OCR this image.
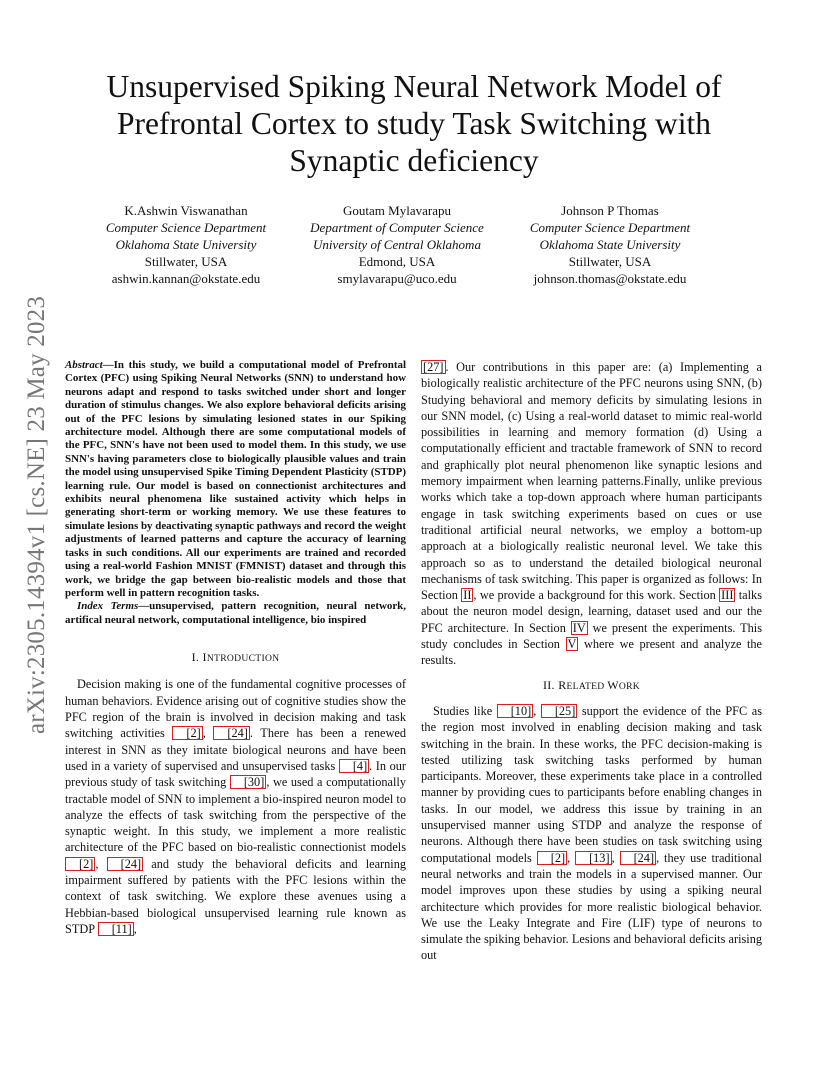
arXiv:2305.14394v1 [cs.NE] 23 May 2023
Unsupervised Spiking Neural Network Model of
Prefrontal Cortex to study Task Switching with
Synaptic deficiency
K.Ashwin Viswanathan
Computer Science Department
Oklahoma State University
Stillwater, USA
ashwin.kannan@okstate.edu
Goutam Mylavarapu
Department of Computer Science
University of Central Oklahoma
Edmond, USA
smylavarapu@uco.edu
Johnson P Thomas
Computer Science Department
Oklahoma State University
Stillwater, USA
johnson.thomas@okstate.edu

Abstract—In this study, we build a computational model of Prefrontal Cortex (PFC) using Spiking Neural Networks (SNN) to understand how neurons adapt and respond to tasks switched under short and longer duration of stimulus changes. We also explore behavioral deficits arising out of the PFC lesions by simulating lesioned states in our Spiking architecture model. Although there are some computational models of the PFC, SNN's have not been used to model them. In this study, we use SNN's having parameters close to biologically plausible values and train the model using unsupervised Spike Timing Dependent Plasticity (STDP) learning rule. Our model is based on connectionist architectures and exhibits neural phenomena like sustained activity which helps in generating short-term or working memory. We use these features to simulate lesions by deactivating synaptic pathways and record the weight adjustments of learned patterns and capture the accuracy of learning tasks in such conditions. All our experiments are trained and recorded using a real-world Fashion MNIST (FMNIST) dataset and through this work, we bridge the gap between bio-realistic models and those that perform well in pattern recognition tasks.

Index Terms—unsupervised, pattern recognition, neural network, artifical neural network, computational intelligence, bio inspired

I. INTRODUCTION

Decision making is one of the fundamental cognitive processes of human behaviors. Evidence arising out of cognitive studies show the PFC region of the brain is involved in decision making and task switching activities [2] , [24] . There has been a renewed interest in SNN as they imitate biological neurons and have been used in a variety of supervised and unsupervised tasks [4] . In our previous study of task switching [30] , we used a computationally tractable model of SNN to implement a bio-inspired neuron model to analyze the effects of task switching from the perspective of the synaptic weight. In this study, we implement a more realistic architecture of the PFC based on bio-realistic connectionist models [2] , [24] and study the behavioral deficits and learning impairment suffered by patients with the PFC lesions within the context of task switching. We explore these avenues using a Hebbian-based biological unsupervised learning rule known as STDP [11] ,

[27] . Our contributions in this paper are: (a) Implementing a biologically realistic architecture of the PFC neurons using SNN, (b) Studying behavioral and memory deficits by simulating lesions in our SNN model, (c) Using a real-world dataset to mimic real-world possibilities in learning and memory formation (d) Using a computationally efficient and tractable framework of SNN to record and graphically plot neural phenomenon like synaptic lesions and memory impairment when learning patterns.Finally, unlike previous works which take a top-down approach where human participants engage in task switching experiments based on cues or use traditional artificial neural networks, we employ a bottom-up approach at a biologically realistic neuronal level. We take this approach so as to understand the detailed biological neuronal mechanisms of task switching. This paper is organized as follows: In Section II , we provide a background for this work. Section III talks about the neuron model design, learning, dataset used and our the PFC architecture. In Section IV we present the experiments. This study concludes in Section V where we present and analyze the results.

II. RELATED WORK

Studies like [10] , [25] support the evidence of the PFC as the region most involved in enabling decision making and task switching in the brain. In these works, the PFC decision-making is tested utilizing task switching tasks performed by human participants. Moreover, these experiments take place in a controlled manner by providing cues to participants before enabling changes in tasks. In our model, we address this issue by training in an unsupervised manner using STDP and analyze the response of neurons. Although there have been studies on task switching using computational models [2] , [13] , [24] , they use traditional neural networks and train the models in a supervised manner. Our model improves upon these studies by using a spiking neural architecture which provides for more realistic biological behavior. We use the Leaky Integrate and Fire (LIF) type of neurons to simulate the spiking behavior. Lesions and behavioral deficits arising out
